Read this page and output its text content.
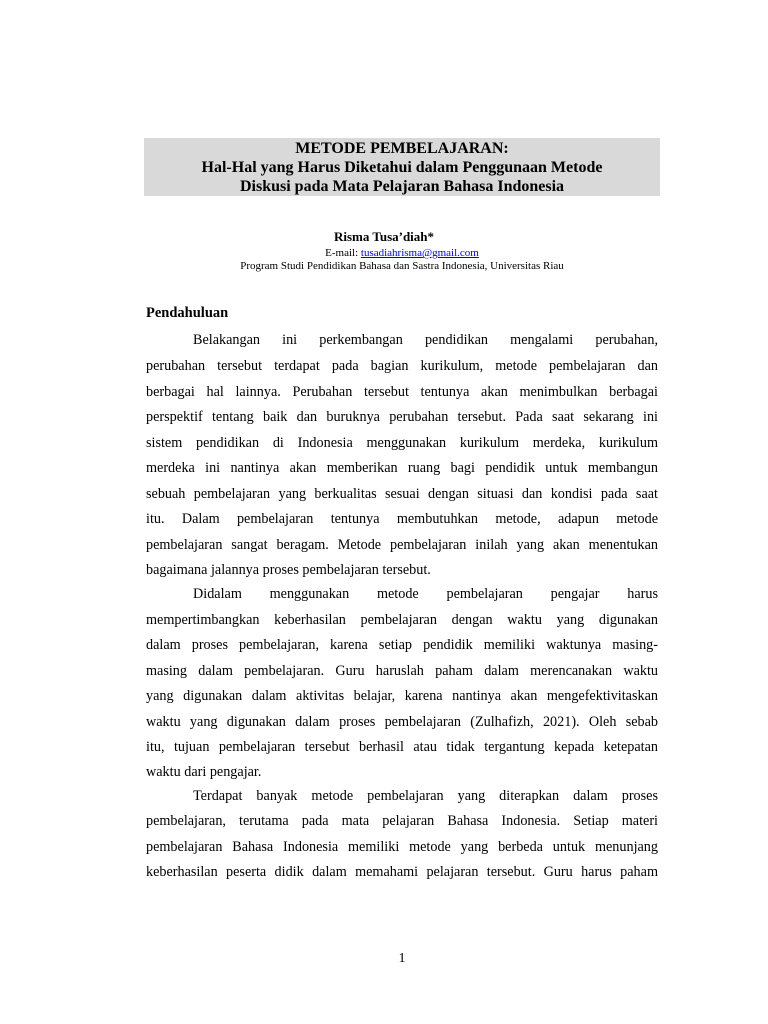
METODE PEMBELAJARAN:
Hal-Hal yang Harus Diketahui dalam Penggunaan Metode
Diskusi pada Mata Pelajaran Bahasa Indonesia
Risma Tusa’diah*
E-mail: tusadiahrisma@gmail.com
Program Studi Pendidikan Bahasa dan Sastra Indonesia, Universitas Riau
Pendahuluan
Belakangan ini perkembangan pendidikan mengalami perubahan,
perubahan tersebut terdapat pada bagian kurikulum, metode pembelajaran dan
berbagai hal lainnya. Perubahan tersebut tentunya akan menimbulkan berbagai
perspektif tentang baik dan buruknya perubahan tersebut. Pada saat sekarang ini
sistem pendidikan di Indonesia menggunakan kurikulum merdeka, kurikulum
merdeka ini nantinya akan memberikan ruang bagi pendidik untuk membangun
sebuah pembelajaran yang berkualitas sesuai dengan situasi dan kondisi pada saat
itu. Dalam pembelajaran tentunya membutuhkan metode, adapun metode
pembelajaran sangat beragam. Metode pembelajaran inilah yang akan menentukan
bagaimana jalannya proses pembelajaran tersebut.
Didalam menggunakan metode pembelajaran pengajar harus
mempertimbangkan keberhasilan pembelajaran dengan waktu yang digunakan
dalam proses pembelajaran, karena setiap pendidik memiliki waktunya masing-
masing dalam pembelajaran. Guru haruslah paham dalam merencanakan waktu
yang digunakan dalam aktivitas belajar, karena nantinya akan mengefektivitaskan
waktu yang digunakan dalam proses pembelajaran (Zulhafizh, 2021). Oleh sebab
itu, tujuan pembelajaran tersebut berhasil atau tidak tergantung kepada ketepatan
waktu dari pengajar.
Terdapat banyak metode pembelajaran yang diterapkan dalam proses
pembelajaran, terutama pada mata pelajaran Bahasa Indonesia. Setiap materi
pembelajaran Bahasa Indonesia memiliki metode yang berbeda untuk menunjang
keberhasilan peserta didik dalam memahami pelajaran tersebut. Guru harus paham
1
